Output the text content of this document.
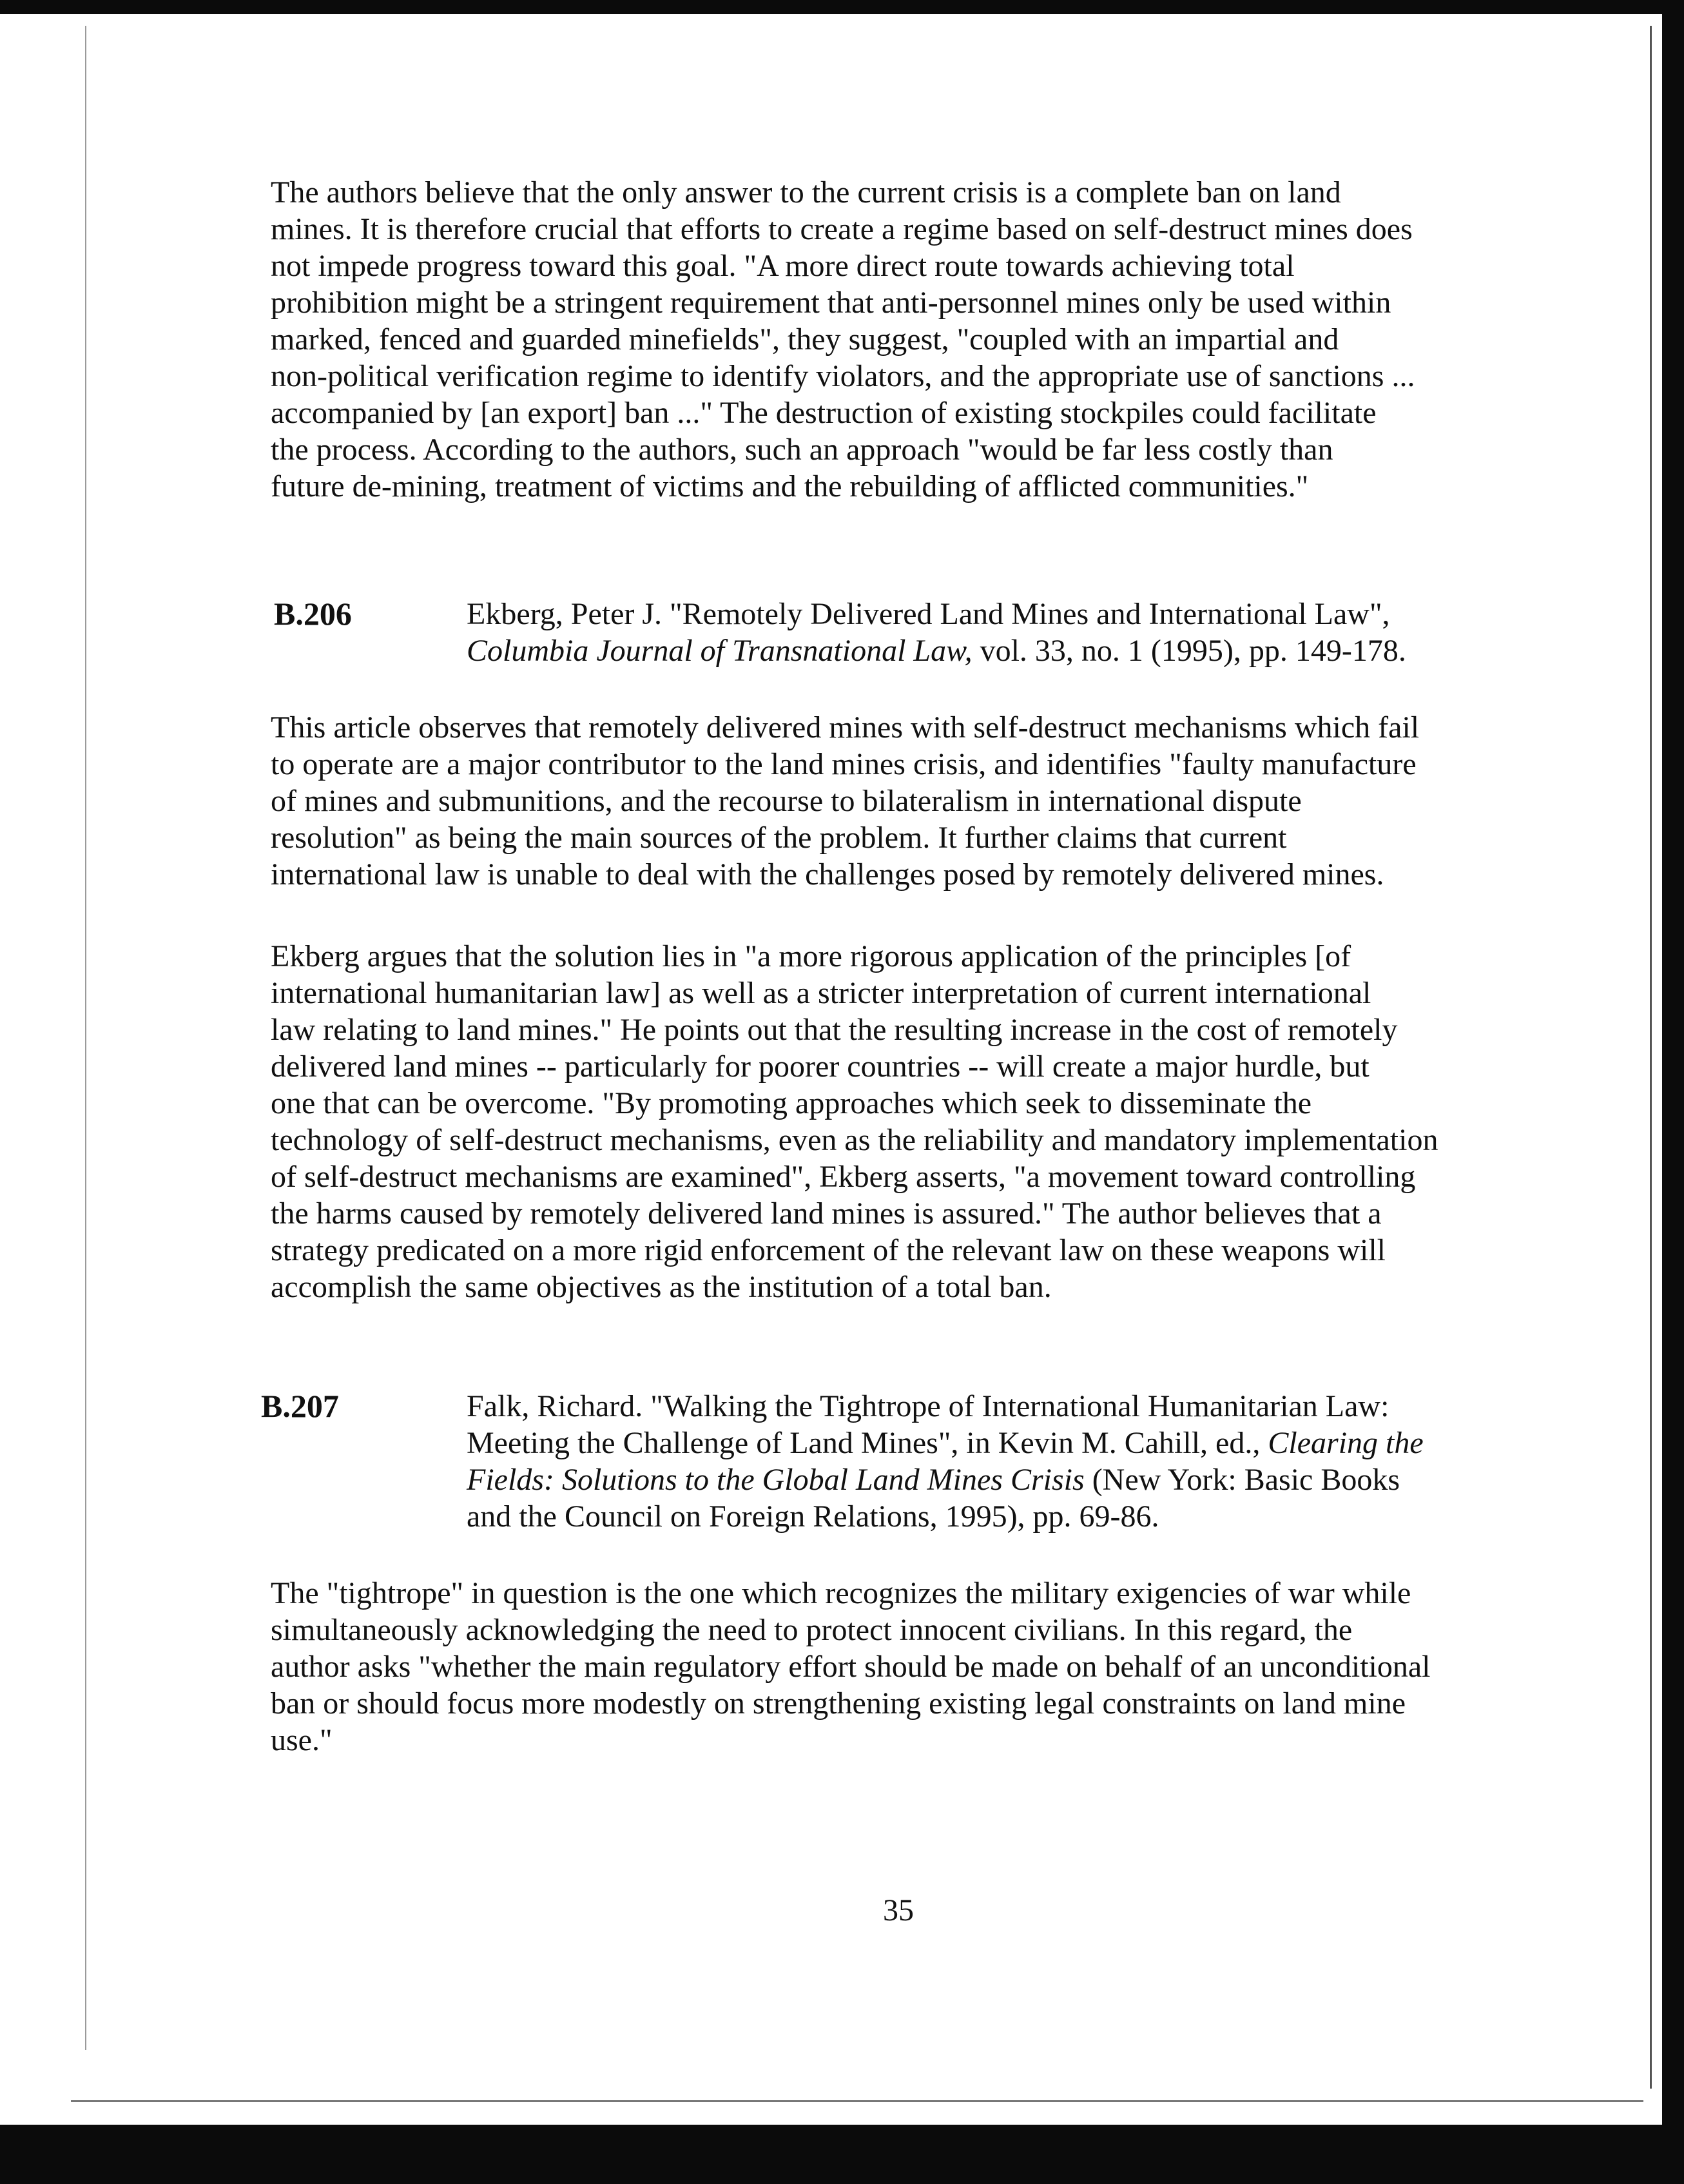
The authors believe that the only answer to the current crisis is a complete ban on land
mines. It is therefore crucial that efforts to create a regime based on self-destruct mines does
not impede progress toward this goal. "A more direct route towards achieving total
prohibition might be a stringent requirement that anti-personnel mines only be used within
marked, fenced and guarded minefields", they suggest, "coupled with an impartial and
non-political verification regime to identify violators, and the appropriate use of sanctions ...
accompanied by [an export] ban ..." The destruction of existing stockpiles could facilitate
the process. According to the authors, such an approach "would be far less costly than
future de-mining, treatment of victims and the rebuilding of afflicted communities."

B.206	Ekberg, Peter J. "Remotely Delivered Land Mines and International Law",
Columbia Journal of Transnational Law, vol. 33, no. 1 (1995), pp. 149-178.

This article observes that remotely delivered mines with self-destruct mechanisms which fail
to operate are a major contributor to the land mines crisis, and identifies "faulty manufacture
of mines and submunitions, and the recourse to bilateralism in international dispute
resolution" as being the main sources of the problem. It further claims that current
international law is unable to deal with the challenges posed by remotely delivered mines.

Ekberg argues that the solution lies in "a more rigorous application of the principles [of
international humanitarian law] as well as a stricter interpretation of current international
law relating to land mines." He points out that the resulting increase in the cost of remotely
delivered land mines -- particularly for poorer countries -- will create a major hurdle, but
one that can be overcome. "By promoting approaches which seek to disseminate the
technology of self-destruct mechanisms, even as the reliability and mandatory implementation
of self-destruct mechanisms are examined", Ekberg asserts, "a movement toward controlling
the harms caused by remotely delivered land mines is assured." The author believes that a
strategy predicated on a more rigid enforcement of the relevant law on these weapons will
accomplish the same objectives as the institution of a total ban.

B.207	Falk, Richard. "Walking the Tightrope of International Humanitarian Law:
Meeting the Challenge of Land Mines", in Kevin M. Cahill, ed., Clearing the
Fields: Solutions to the Global Land Mines Crisis (New York: Basic Books
and the Council on Foreign Relations, 1995), pp. 69-86.

The "tightrope" in question is the one which recognizes the military exigencies of war while
simultaneously acknowledging the need to protect innocent civilians. In this regard, the
author asks "whether the main regulatory effort should be made on behalf of an unconditional
ban or should focus more modestly on strengthening existing legal constraints on land mine
use."

35
